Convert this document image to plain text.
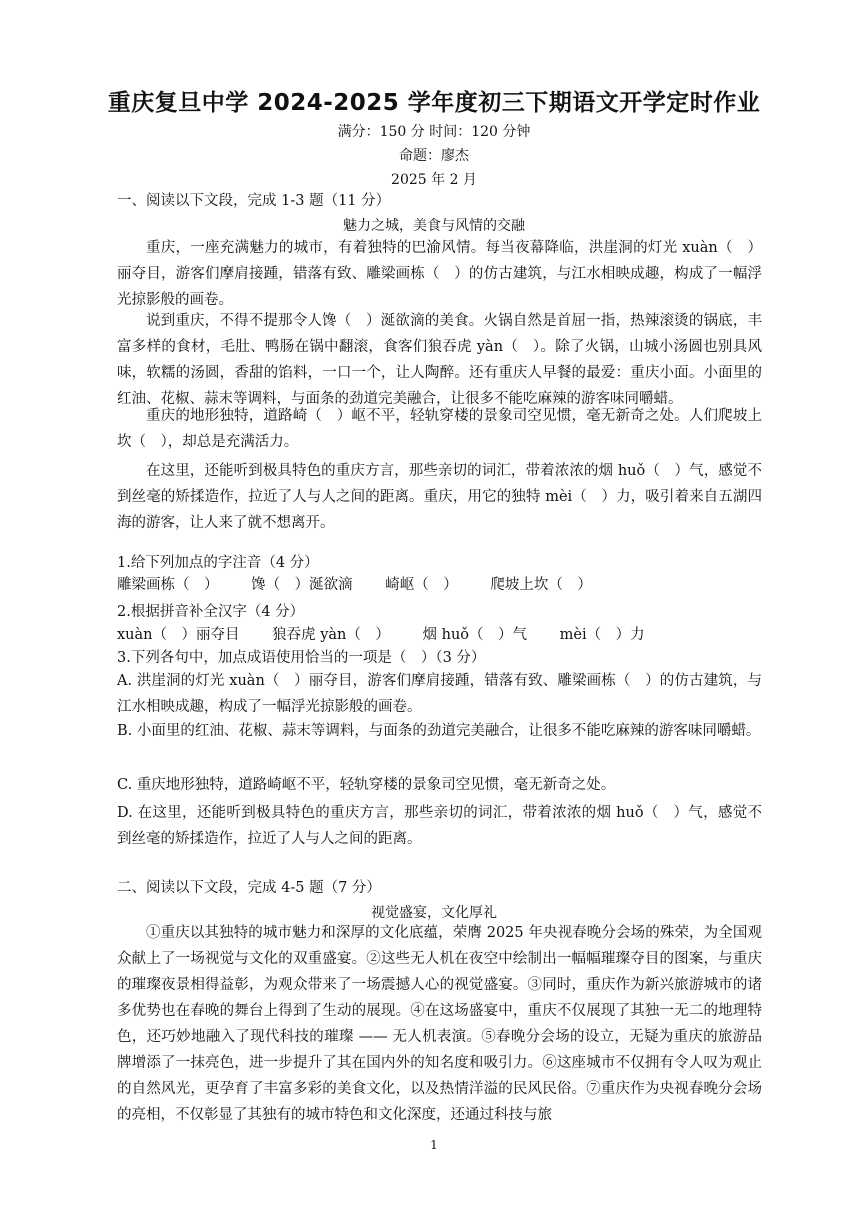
重庆复旦中学 2024-2025 学年度初三下期语文开学定时作业
满分：150 分 时间：120 分钟
命题：廖杰
2025 年 2 月
一、阅读以下文段，完成 1-3 题（11 分）
魅力之城，美食与风情的交融
重庆，一座充满魅力的城市，有着独特的巴渝风情。每当夜幕降临，洪崖洞的灯光 xuàn（　）丽夺目，游客们摩肩接踵，错落有致、雕梁画栋（　）的仿古建筑，与江水相映成趣，构成了一幅浮光掠影般的画卷。
说到重庆，不得不提那令人馋（　）涎欲滴的美食。火锅自然是首屈一指，热辣滚烫的锅底，丰富多样的食材，毛肚、鸭肠在锅中翻滚，食客们狼吞虎 yàn（　）。除了火锅，山城小汤圆也别具风味，软糯的汤圆，香甜的馅料，一口一个，让人陶醉。还有重庆人早餐的最爱：重庆小面。小面里的红油、花椒、蒜末等调料，与面条的劲道完美融合，让很多不能吃麻辣的游客味同嚼蜡。
重庆的地形独特，道路崎（　）岖不平，轻轨穿楼的景象司空见惯，毫无新奇之处。人们爬坡上坎（　），却总是充满活力。
在这里，还能听到极具特色的重庆方言，那些亲切的词汇，带着浓浓的烟 huǒ（　）气，感觉不到丝毫的矫揉造作，拉近了人与人之间的距离。重庆，用它的独特 mèi（　）力，吸引着来自五湖四海的游客，让人来了就不想离开。
1.给下列加点的字注音（4 分）
雕梁画栋（　） 馋（　）涎欲滴 崎岖（　） 爬坡上坎（　）
2.根据拼音补全汉字（4 分）
xuàn（　）丽夺目 狼吞虎 yàn（　） 烟 huǒ（　）气 mèi（　）力
3.下列各句中，加点成语使用恰当的一项是（　）（3 分）
A. 洪崖洞的灯光 xuàn（　）丽夺目，游客们摩肩接踵，错落有致、雕梁画栋（　）的仿古建筑，与江水相映成趣，构成了一幅浮光掠影般的画卷。
B. 小面里的红油、花椒、蒜末等调料，与面条的劲道完美融合，让很多不能吃麻辣的游客味同嚼蜡。
C. 重庆地形独特，道路崎岖不平，轻轨穿楼的景象司空见惯，毫无新奇之处。
D. 在这里，还能听到极具特色的重庆方言，那些亲切的词汇，带着浓浓的烟 huǒ（　）气，感觉不到丝毫的矫揉造作，拉近了人与人之间的距离。
二、阅读以下文段，完成 4-5 题（7 分）
视觉盛宴，文化厚礼
①重庆以其独特的城市魅力和深厚的文化底蕴，荣膺 2025 年央视春晚分会场的殊荣，为全国观众献上了一场视觉与文化的双重盛宴。②这些无人机在夜空中绘制出一幅幅璀璨夺目的图案，与重庆的璀璨夜景相得益彰，为观众带来了一场震撼人心的视觉盛宴。③同时，重庆作为新兴旅游城市的诸多优势也在春晚的舞台上得到了生动的展现。④在这场盛宴中，重庆不仅展现了其独一无二的地理特色，还巧妙地融入了现代科技的璀璨 —— 无人机表演。⑤春晚分会场的设立，无疑为重庆的旅游品牌增添了一抹亮色，进一步提升了其在国内外的知名度和吸引力。⑥这座城市不仅拥有令人叹为观止的自然风光，更孕育了丰富多彩的美食文化，以及热情洋溢的民风民俗。⑦重庆作为央视春晚分会场的亮相，不仅彰显了其独有的城市特色和文化深度，还通过科技与旅
1
